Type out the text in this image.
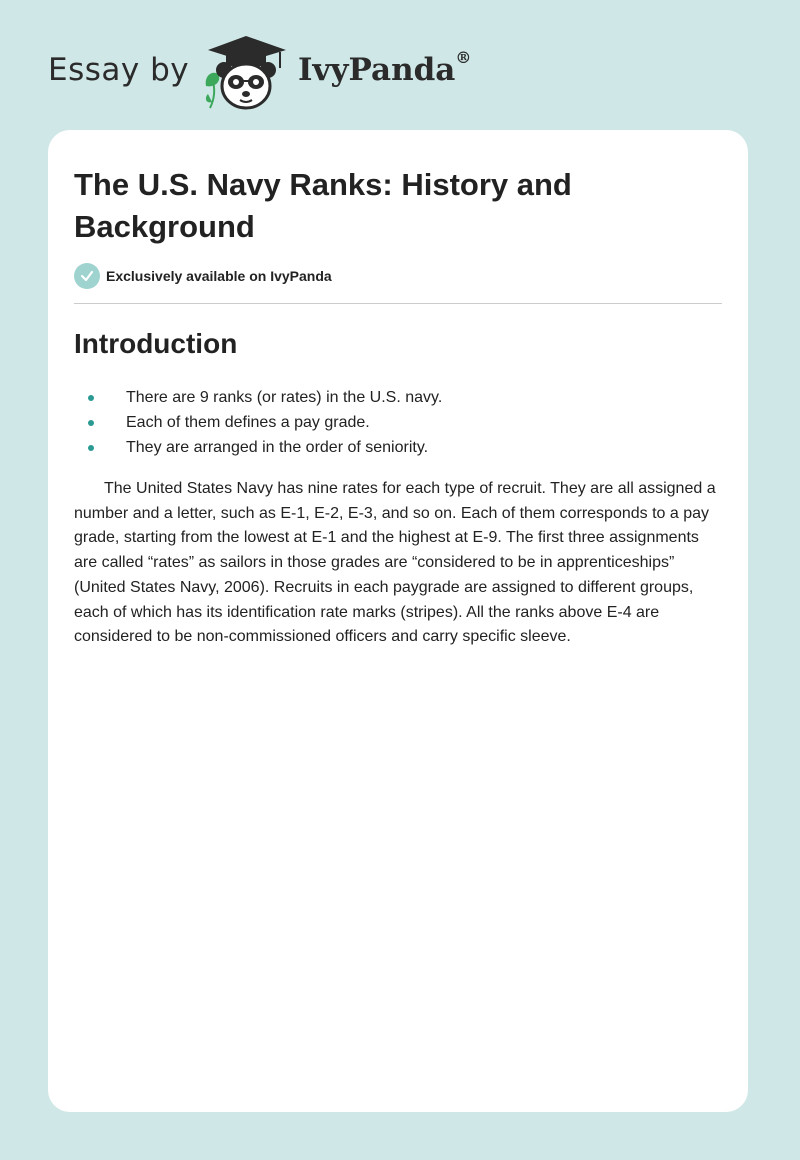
Essay by	IvyPanda®
The U.S. Navy Ranks: History and Background
Exclusively available on IvyPanda
Introduction
There are 9 ranks (or rates) in the U.S. navy.
Each of them defines a pay grade.
They are arranged in the order of seniority.

The United States Navy has nine rates for each type of recruit. They are all assigned a number and a letter, such as E-1, E-2, E-3, and so on. Each of them corresponds to a pay grade, starting from the lowest at E-1 and the highest at E-9. The first three assignments are called “rates” as sailors in those grades are “considered to be in apprenticeships” (United States Navy, 2006). Recruits in each paygrade are assigned to different groups, each of which has its identification rate marks (stripes). All the ranks above E-4 are considered to be non-commissioned officers and carry specific sleeve.
